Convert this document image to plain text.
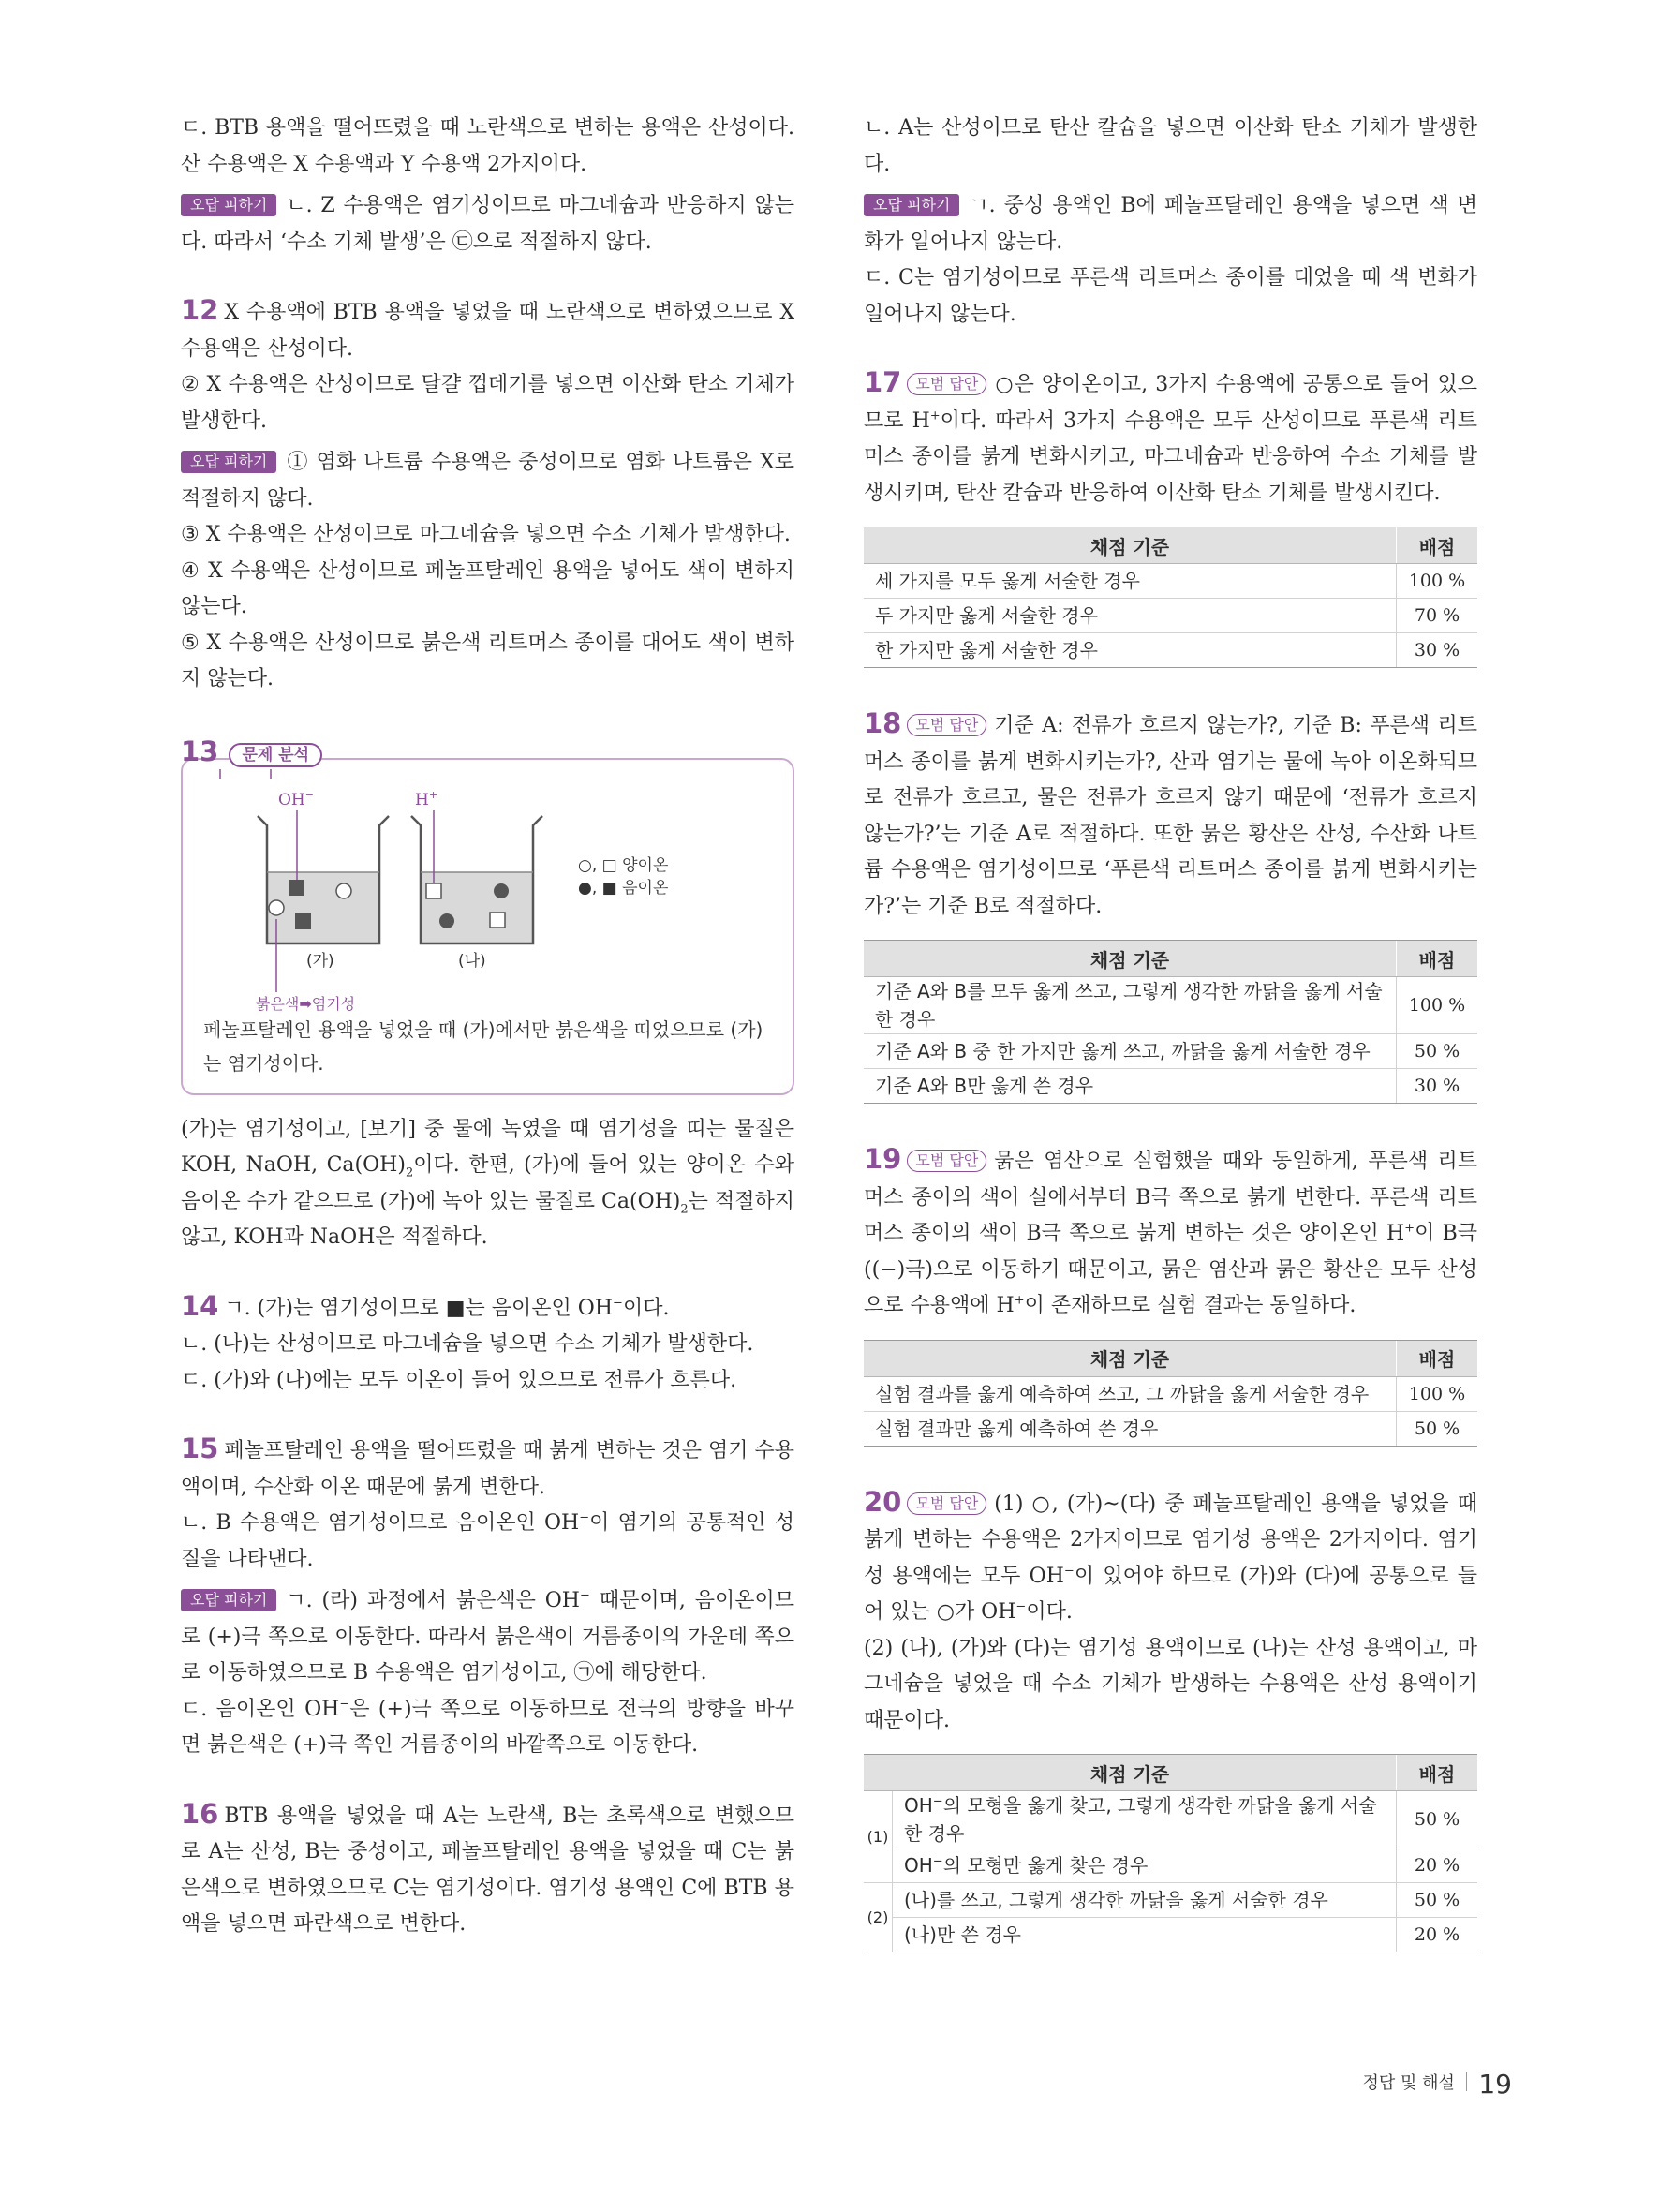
ㄷ. BTB 용액을 떨어뜨렸을 때 노란색으로 변하는 용액은 산성이다. 산 수용액은 X 수용액과 Y 수용액 2가지이다.

오답 피하기 ㄴ. Z 수용액은 염기성이므로 마그네슘과 반응하지 않는다. 따라서 ‘수소 기체 발생’은 ㉢으로 적절하지 않다.

12 X 수용액에 BTB 용액을 넣었을 때 노란색으로 변하였으므로 X 수용액은 산성이다.

② X 수용액은 산성이므로 달걀 껍데기를 넣으면 이산화 탄소 기체가 발생한다.

오답 피하기 ① 염화 나트륨 수용액은 중성이므로 염화 나트륨은 X로 적절하지 않다.

③ X 수용액은 산성이므로 마그네슘을 넣으면 수소 기체가 발생한다.

④ X 수용액은 산성이므로 페놀프탈레인 용액을 넣어도 색이 변하지 않는다.

⑤ X 수용액은 산성이므로 붉은색 리트머스 종이를 대어도 색이 변하지 않는다.

13 문제 분석
OH−	H+
○, □ 양이온
●, ■ 음이온
(가)	(나)
붉은색➡염기성
페놀프탈레인 용액을 넣었을 때 (가)에서만 붉은색을 띠었으므로 (가)는 염기성이다.

(가)는 염기성이고, [보기] 중 물에 녹였을 때 염기성을 띠는 물질은 KOH, NaOH, $Ca(OH)_2$이다. 한편, (가)에 들어 있는 양이온 수와 음이온 수가 같으므로 (가)에 녹아 있는 물질로 $Ca(OH)_2$는 적절하지 않고, KOH과 NaOH은 적절하다.

14 ㄱ. (가)는 염기성이므로 ■는 음이온인 OH−이다.

ㄴ. (나)는 산성이므로 마그네슘을 넣으면 수소 기체가 발생한다.

ㄷ. (가)와 (나)에는 모두 이온이 들어 있으므로 전류가 흐른다.

15 페놀프탈레인 용액을 떨어뜨렸을 때 붉게 변하는 것은 염기 수용액이며, 수산화 이온 때문에 붉게 변한다.

ㄴ. B 수용액은 염기성이므로 음이온인 OH−이 염기의 공통적인 성질을 나타낸다.

오답 피하기 ㄱ. (라) 과정에서 붉은색은 OH− 때문이며, 음이온이므로 (+)극 쪽으로 이동한다. 따라서 붉은색이 거름종이의 가운데 쪽으로 이동하였으므로 B 수용액은 염기성이고, ㉠에 해당한다.

ㄷ. 음이온인 OH−은 (+)극 쪽으로 이동하므로 전극의 방향을 바꾸면 붉은색은 (+)극 쪽인 거름종이의 바깥쪽으로 이동한다.

16 BTB 용액을 넣었을 때 A는 노란색, B는 초록색으로 변했으므로 A는 산성, B는 중성이고, 페놀프탈레인 용액을 넣었을 때 C는 붉은색으로 변하였으므로 C는 염기성이다. 염기성 용액인 C에 BTB 용액을 넣으면 파란색으로 변한다.

ㄴ. A는 산성이므로 탄산 칼슘을 넣으면 이산화 탄소 기체가 발생한다.

오답 피하기 ㄱ. 중성 용액인 B에 페놀프탈레인 용액을 넣으면 색 변화가 일어나지 않는다.

ㄷ. C는 염기성이므로 푸른색 리트머스 종이를 대었을 때 색 변화가 일어나지 않는다.

17 모범 답안 ○은 양이온이고, 3가지 수용액에 공통으로 들어 있으므로 H+이다. 따라서 3가지 수용액은 모두 산성이므로 푸른색 리트머스 종이를 붉게 변화시키고, 마그네슘과 반응하여 수소 기체를 발생시키며, 탄산 칼슘과 반응하여 이산화 탄소 기체를 발생시킨다.

채점 기준	배점
세 가지를 모두 옳게 서술한 경우	100 %
두 가지만 옳게 서술한 경우	70 %
한 가지만 옳게 서술한 경우	30 %

18 모범 답안 기준 A: 전류가 흐르지 않는가?, 기준 B: 푸른색 리트머스 종이를 붉게 변화시키는가?, 산과 염기는 물에 녹아 이온화되므로 전류가 흐르고, 물은 전류가 흐르지 않기 때문에 ‘전류가 흐르지 않는가?’는 기준 A로 적절하다. 또한 묽은 황산은 산성, 수산화 나트륨 수용액은 염기성이므로 ‘푸른색 리트머스 종이를 붉게 변화시키는가?’는 기준 B로 적절하다.

채점 기준	배점
기준 A와 B를 모두 옳게 쓰고, 그렇게 생각한 까닭을 옳게 서술한 경우	100 %
기준 A와 B 중 한 가지만 옳게 쓰고, 까닭을 옳게 서술한 경우	50 %
기준 A와 B만 옳게 쓴 경우	30 %

19 모범 답안 묽은 염산으로 실험했을 때와 동일하게, 푸른색 리트머스 종이의 색이 실에서부터 B극 쪽으로 붉게 변한다. 푸른색 리트머스 종이의 색이 B극 쪽으로 붉게 변하는 것은 양이온인 H+이 B극((−)극)으로 이동하기 때문이고, 묽은 염산과 묽은 황산은 모두 산성으로 수용액에 H+이 존재하므로 실험 결과는 동일하다.

채점 기준	배점
실험 결과를 옳게 예측하여 쓰고, 그 까닭을 옳게 서술한 경우	100 %
실험 결과만 옳게 예측하여 쓴 경우	50 %

20 모범 답안 (1) ○, (가)~(다) 중 페놀프탈레인 용액을 넣었을 때 붉게 변하는 수용액은 2가지이므로 염기성 용액은 2가지이다. 염기성 용액에는 모두 OH−이 있어야 하므로 (가)와 (다)에 공통으로 들어 있는 ○가 OH−이다.

(2) (나), (가)와 (다)는 염기성 용액이므로 (나)는 산성 용액이고, 마그네슘을 넣었을 때 수소 기체가 발생하는 수용액은 산성 용액이기 때문이다.

채점 기준		배점
(1)	OH−의 모형을 옳게 찾고, 그렇게 생각한 까닭을 옳게 서술한 경우	50 %
	OH−의 모형만 옳게 찾은 경우	20 %
(2)	(나)를 쓰고, 그렇게 생각한 까닭을 옳게 서술한 경우	50 %
	(나)만 쓴 경우	20 %
정답 및 해설 19
